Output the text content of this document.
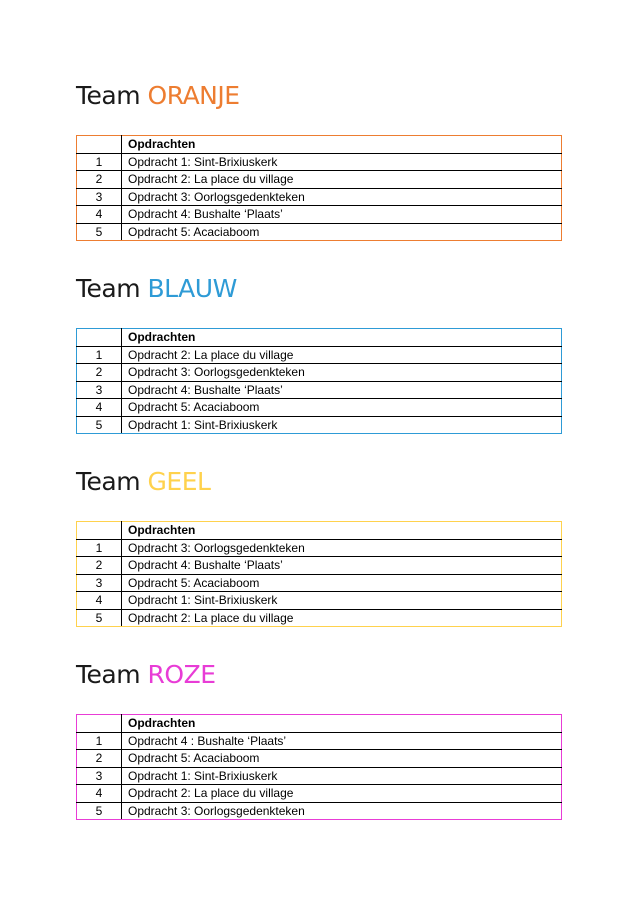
Team ORANJE
	Opdrachten
1	Opdracht 1: Sint-Brixiuskerk
2	Opdracht 2: La place du village
3	Opdracht 3: Oorlogsgedenkteken
4	Opdracht 4: Bushalte ‘Plaats’
5	Opdracht 5: Acaciaboom
Team BLAUW
	Opdrachten
1	Opdracht 2: La place du village
2	Opdracht 3: Oorlogsgedenkteken
3	Opdracht 4: Bushalte ‘Plaats’
4	Opdracht 5: Acaciaboom
5	Opdracht 1: Sint-Brixiuskerk
Team GEEL
	Opdrachten
1	Opdracht 3: Oorlogsgedenkteken
2	Opdracht 4: Bushalte ‘Plaats’
3	Opdracht 5: Acaciaboom
4	Opdracht 1: Sint-Brixiuskerk
5	Opdracht 2: La place du village
Team ROZE
	Opdrachten
1	Opdracht 4 : Bushalte ‘Plaats’
2	Opdracht 5: Acaciaboom
3	Opdracht 1: Sint-Brixiuskerk
4	Opdracht 2: La place du village
5	Opdracht 3: Oorlogsgedenkteken
